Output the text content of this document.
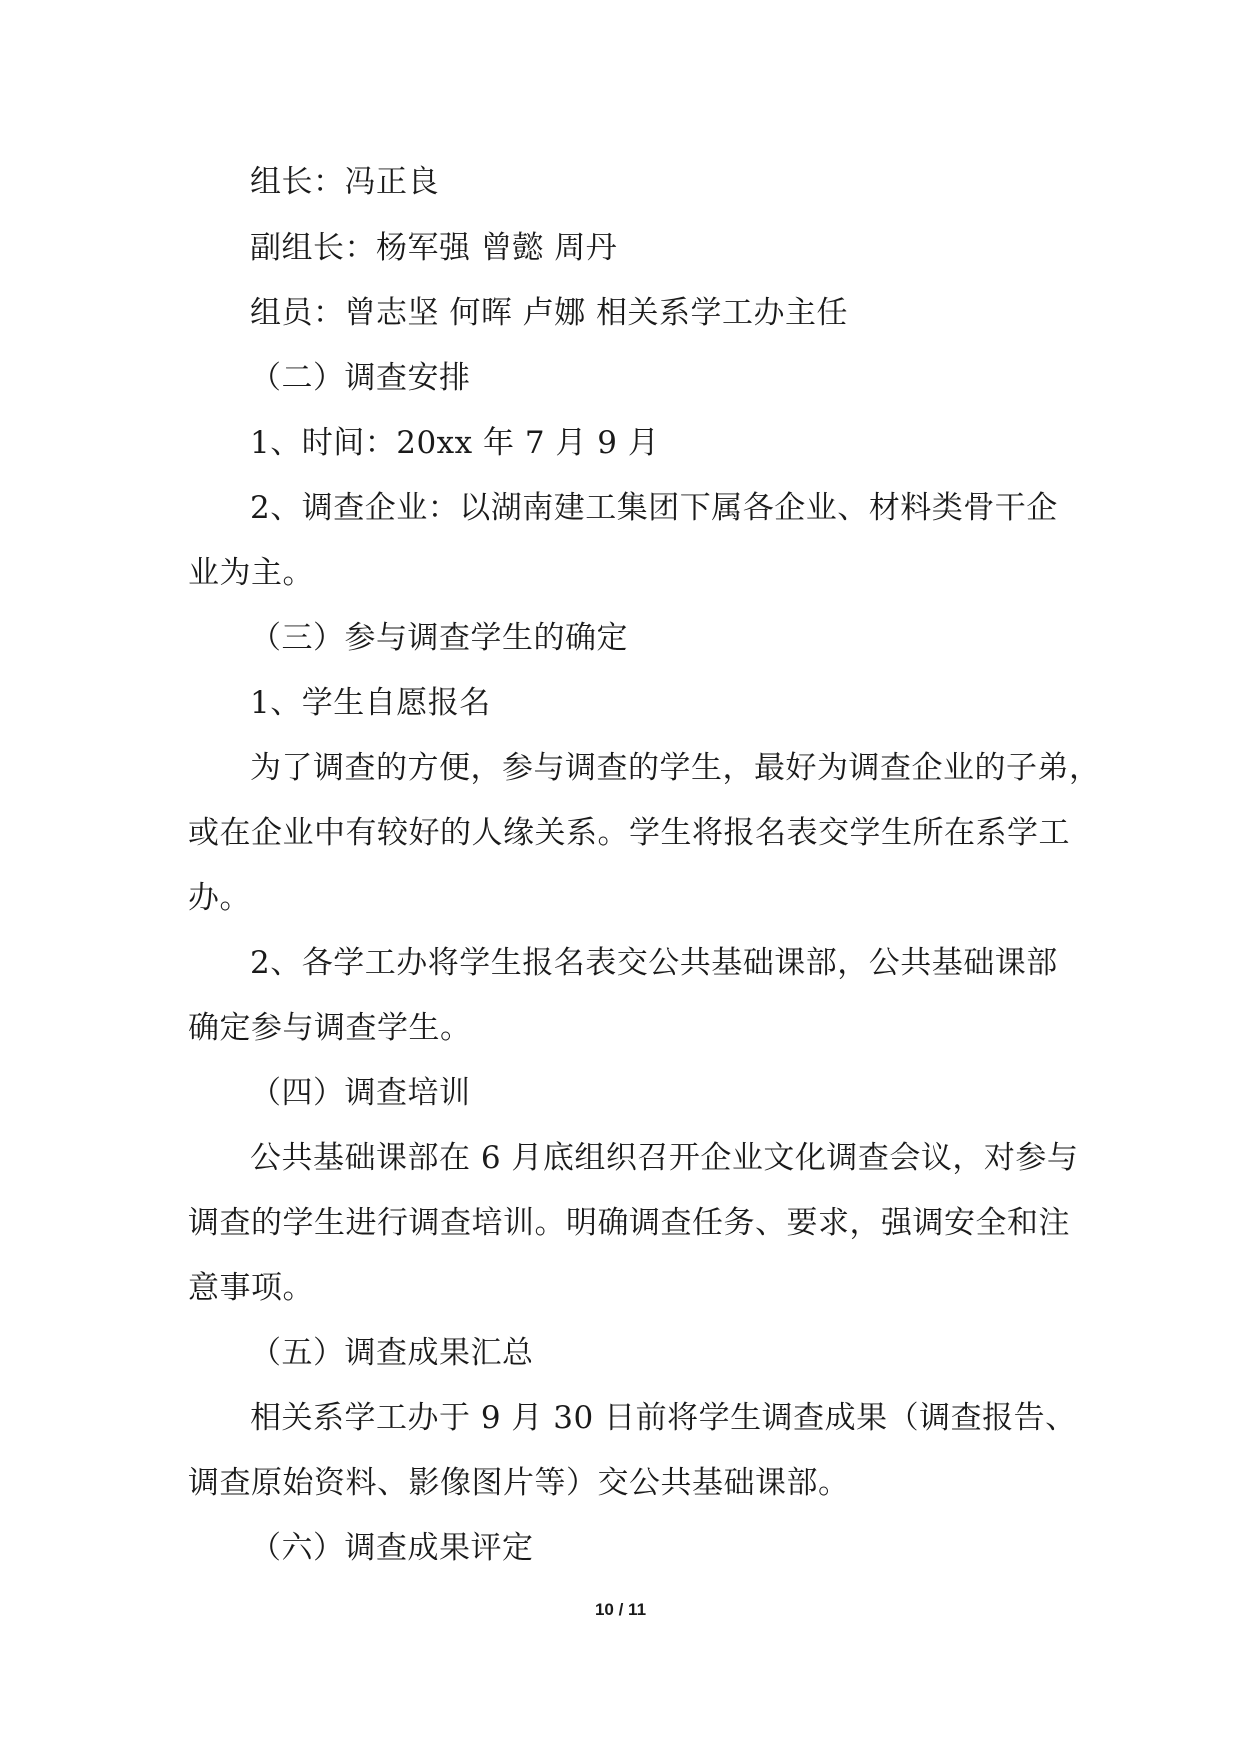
组长：冯正良
副组长：杨军强 曾懿 周丹
组员：曾志坚 何晖 卢娜 相关系学工办主任
（二）调查安排
1、时间：20xx 年 7 月 9 月
2、调查企业：以湖南建工集团下属各企业、材料类骨干企
业为主。
（三）参与调查学生的确定
1、学生自愿报名
为了调查的方便，参与调查的学生，最好为调查企业的子弟，
或在企业中有较好的人缘关系。学生将报名表交学生所在系学工
办。
2、各学工办将学生报名表交公共基础课部，公共基础课部
确定参与调查学生。
（四）调查培训
公共基础课部在 6 月底组织召开企业文化调查会议，对参与
调查的学生进行调查培训。明确调查任务、要求，强调安全和注
意事项。
（五）调查成果汇总
相关系学工办于 9 月 30 日前将学生调查成果（调查报告、
调查原始资料、影像图片等）交公共基础课部。
（六）调查成果评定
10 / 11
